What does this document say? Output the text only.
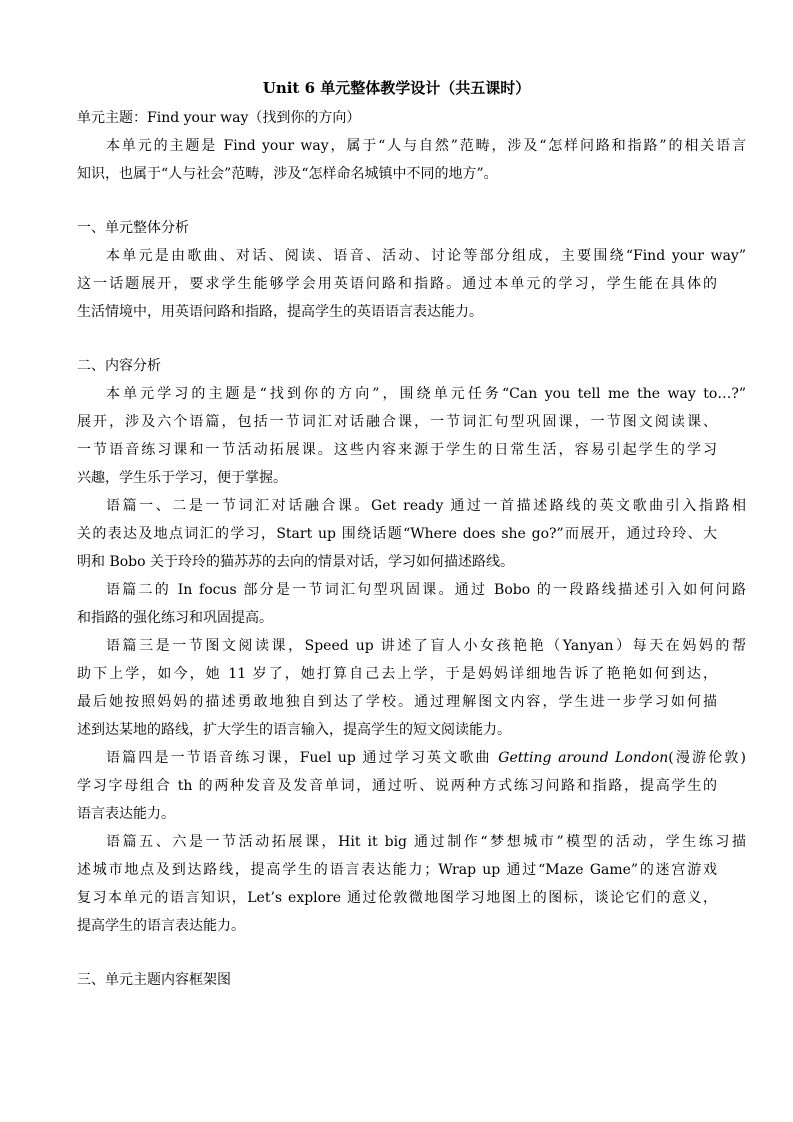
Unit 6 单元整体教学设计（共五课时）
单元主题：Find your way（找到你的方向）
本单元的主题是 Find your way，属于“人与自然”范畴，涉及“怎样问路和指路”的相关语言
知识，也属于“人与社会”范畴，涉及“怎样命名城镇中不同的地方”。
一、单元整体分析
本单元是由歌曲、对话、阅读、语音、活动、讨论等部分组成，主要围绕“Find your way”
这一话题展开，要求学生能够学会用英语问路和指路。通过本单元的学习，学生能在具体的
生活情境中，用英语问路和指路，提高学生的英语语言表达能力。
二、内容分析
本单元学习的主题是“找到你的方向”，围绕单元任务“Can you tell me the way to…?”
展开，涉及六个语篇，包括一节词汇对话融合课，一节词汇句型巩固课，一节图文阅读课、
一节语音练习课和一节活动拓展课。这些内容来源于学生的日常生活，容易引起学生的学习
兴趣，学生乐于学习，便于掌握。
语篇一、二是一节词汇对话融合课。Get ready 通过一首描述路线的英文歌曲引入指路相
关的表达及地点词汇的学习，Start up 围绕话题“Where does she go?”而展开，通过玲玲、大
明和 Bobo 关于玲玲的猫苏苏的去向的情景对话，学习如何描述路线。
语篇二的 In focus 部分是一节词汇句型巩固课。通过 Bobo 的一段路线描述引入如何问路
和指路的强化练习和巩固提高。
语篇三是一节图文阅读课，Speed up 讲述了盲人小女孩艳艳（Yanyan）每天在妈妈的帮
助下上学，如今，她 11 岁了，她打算自己去上学，于是妈妈详细地告诉了艳艳如何到达，
最后她按照妈妈的描述勇敢地独自到达了学校。通过理解图文内容，学生进一步学习如何描
述到达某地的路线，扩大学生的语言输入，提高学生的短文阅读能力。
语篇四是一节语音练习课，Fuel up 通过学习英文歌曲 Getting around London(漫游伦敦)
学习字母组合 th 的两种发音及发音单词，通过听、说两种方式练习问路和指路，提高学生的
语言表达能力。
语篇五、六是一节活动拓展课，Hit it big 通过制作“梦想城市”模型的活动，学生练习描
述城市地点及到达路线，提高学生的语言表达能力；Wrap up 通过“Maze Game”的迷宫游戏
复习本单元的语言知识，Let’s explore 通过伦敦微地图学习地图上的图标，谈论它们的意义，
提高学生的语言表达能力。
三、单元主题内容框架图
